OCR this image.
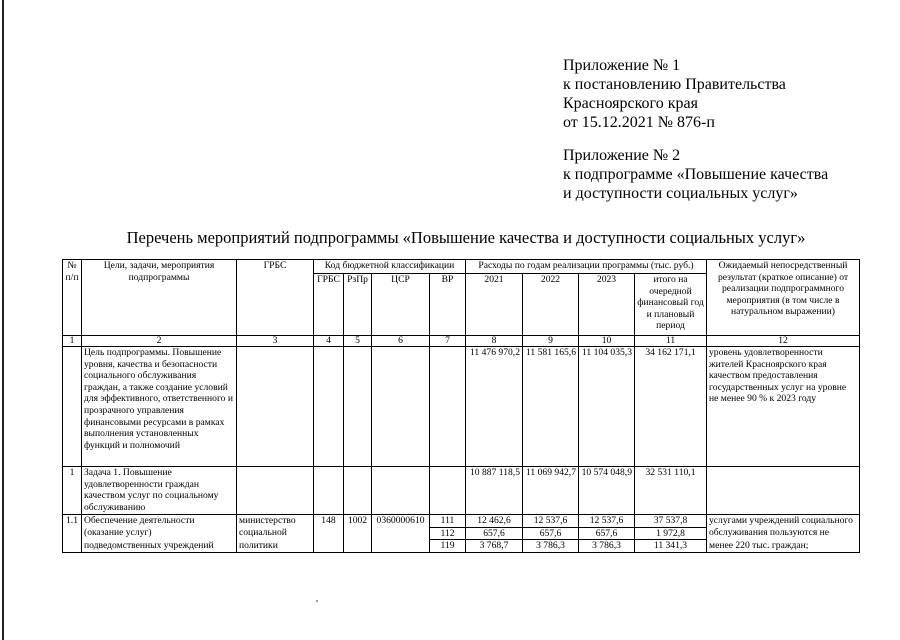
Приложение № 1
к постановлению Правительства
Красноярского края
от 15.12.2021 № 876-п
Приложение № 2
к подпрограмме «Повышение качества
и доступности социальных услуг»
Перечень мероприятий подпрограммы «Повышение качества и доступности социальных услуг»
№ п/п	Цели, задачи, мероприятия подпрограммы	ГРБС	Код бюджетной классификации				Расходы по годам реализации программы (тыс. руб.)				Ожидаемый непосредственный результат (краткое описание) от реализации подпрограммного мероприятия (в том числе в натуральном выражении)
			ГРБС	РзПр	ЦСР	ВР	2021	2022	2023	итого на очередной финансовый год и плановый период	
1	2	3	4	5	6	7	8	9	10	11	12
	Цель подпрограммы. Повышение уровня, качества и безопасности социального обслуживания граждан, а также создание условий для эффективного, ответственного и прозрачного управления финансовыми ресурсами в рамках выполнения установленных функций и полномочий						11 476 970,2	11 581 165,6	11 104 035,3	34 162 171,1	уровень удовлетворенности жителей Красноярского края качеством предоставления государственных услуг на уровне не менее 90 % к 2023 году
1	Задача 1. Повышение удовлетворенности граждан качеством услуг по социальному обслуживанию						10 887 118,5	11 069 942,7	10 574 048,9	32 531 110,1	
1.1	Обеспечение деятельности	министерство	148	1002	0360000610	111	12 462,6	12 537,6	12 537,6	37 537,8	услугами учреждений социального
	(оказание услуг)	социальной				112	657,6	657,6	657,6	1 972,8	обслуживания пользуются не
	подведомственных учреждений	политики				119	3 768,7	3 786,3	3 786,3	11 341,3	менее 220 тыс. граждан;
